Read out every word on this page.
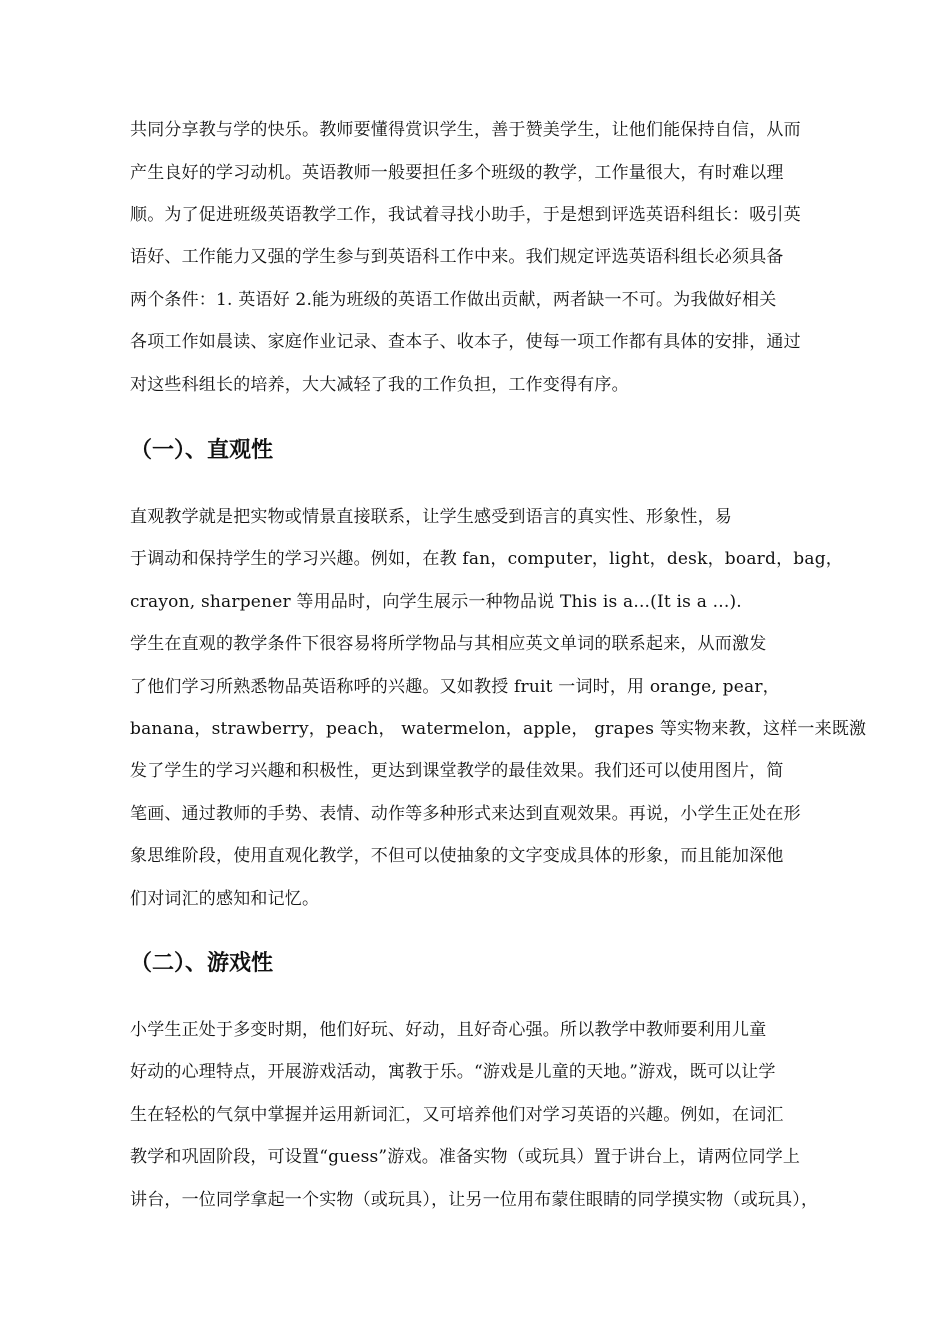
共同分享教与学的快乐。教师要懂得赏识学生，善于赞美学生，让他们能保持自信，从而
产生良好的学习动机。英语教师一般要担任多个班级的教学，工作量很大，有时难以理
顺。为了促进班级英语教学工作，我试着寻找小助手，于是想到评选英语科组长：吸引英
语好、工作能力又强的学生参与到英语科工作中来。我们规定评选英语科组长必须具备
两个条件：1. 英语好 2.能为班级的英语工作做出贡献，两者缺一不可。为我做好相关
各项工作如晨读、家庭作业记录、查本子、收本子，使每一项工作都有具体的安排，通过
对这些科组长的培养，大大减轻了我的工作负担，工作变得有序。
（一）、直观性
直观教学就是把实物或情景直接联系，让学生感受到语言的真实性、形象性，易
于调动和保持学生的学习兴趣。例如，在教 fan，computer，light，desk，board，bag，
crayon, sharpener 等用品时，向学生展示一种物品说 This is a...(It is a ...).
学生在直观的教学条件下很容易将所学物品与其相应英文单词的联系起来，从而激发
了他们学习所熟悉物品英语称呼的兴趣。又如教授 fruit 一词时，用 orange, pear，
banana，strawberry，peach， watermelon，apple， grapes 等实物来教，这样一来既激
发了学生的学习兴趣和积极性，更达到课堂教学的最佳效果。我们还可以使用图片，简
笔画、通过教师的手势、表情、动作等多种形式来达到直观效果。再说，小学生正处在形
象思维阶段，使用直观化教学，不但可以使抽象的文字变成具体的形象，而且能加深他
们对词汇的感知和记忆。
（二）、游戏性
小学生正处于多变时期，他们好玩、好动，且好奇心强。所以教学中教师要利用儿童
好动的心理特点，开展游戏活动，寓教于乐。“游戏是儿童的天地。”游戏，既可以让学
生在轻松的气氛中掌握并运用新词汇，又可培养他们对学习英语的兴趣。例如，在词汇
教学和巩固阶段，可设置“guess”游戏。准备实物（或玩具）置于讲台上，请两位同学上
讲台，一位同学拿起一个实物（或玩具），让另一位用布蒙住眼睛的同学摸实物（或玩具），
